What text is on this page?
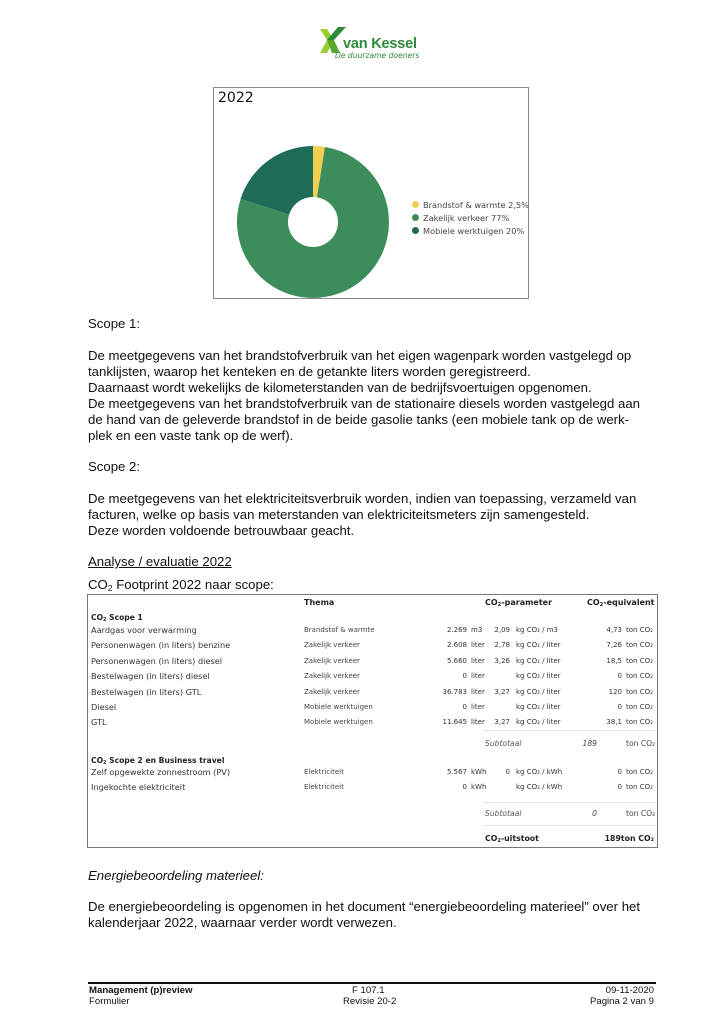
van Kessel
De duurzame doeners
2022
Brandstof & warmte 2,5%
Zakelijk verkeer 77%
Mobiele werktuigen 20%
Scope 1:
De meetgegevens van het brandstofverbruik van het eigen wagenpark worden vastgelegd op
tanklijsten, waarop het kenteken en de getankte liters worden geregistreerd.
Daarnaast wordt wekelijks de kilometerstanden van de bedrijfsvoertuigen opgenomen.
De meetgegevens van het brandstofverbruik van de stationaire diesels worden vastgelegd aan
de hand van de geleverde brandstof in de beide gasolie tanks (een mobiele tank op de werk-
plek en een vaste tank op de werf).
Scope 2:
De meetgegevens van het elektriciteitsverbruik worden, indien van toepassing, verzameld van
facturen, welke op basis van meterstanden van elektriciteitsmeters zijn samengesteld.
Deze worden voldoende betrouwbaar geacht.
Analyse / evaluatie 2022
$CO_2$ Footprint 2022 naar scope:
Thema	$CO_2$-parameter	$CO_2$-equivalent
$CO_2$ Scope 1
Aardgas voor verwarming	Brandstof & warmte	2.269 m3 2,09 kg CO₂ / m3	4,73 ton CO₂
Personenwagen (in liters) benzine	Zakelijk verkeer	2.608 liter 2,78 kg CO₂ / liter	7,26 ton CO₂
Personenwagen (in liters) diesel	Zakelijk verkeer	5.660 liter 3,26 kg CO₂ / liter	18,5 ton CO₂
Bestelwagen (in liters) diesel	Zakelijk verkeer	0 liter	kg CO₂ / liter	0 ton CO₂
Bestelwagen (in liters) GTL	Zakelijk verkeer	36.783 liter 3,27 kg CO₂ / liter	120 ton CO₂
Diesel	Mobiele werktuigen	0 liter	kg CO₂ / liter	0 ton CO₂
GTL	Mobiele werktuigen	11.645 liter 3,27 kg CO₂ / liter	38,1 ton CO₂
Subtotaal	189	ton CO₂
$CO_2$ Scope 2 en Business travel
Zelf opgewekte zonnestroom (PV)	Elektriciteit	5.567 kWh	0 kg CO₂ / kWh	0 ton CO₂
Ingekochte elektriciteit	Elektriciteit	0 kWh	kg CO₂ / kWh	0 ton CO₂
Subtotaal	0	ton CO₂
$CO_2$-uitstoot	189ton CO₂
Energiebeoordeling materieel:
De energiebeoordeling is opgenomen in het document “energiebeoordeling materieel” over het
kalenderjaar 2022, waarnaar verder wordt verwezen.
Management (p)review
Formulier
F 107.1
Revisie 20-2
09-11-2020
Pagina 2 van 9
